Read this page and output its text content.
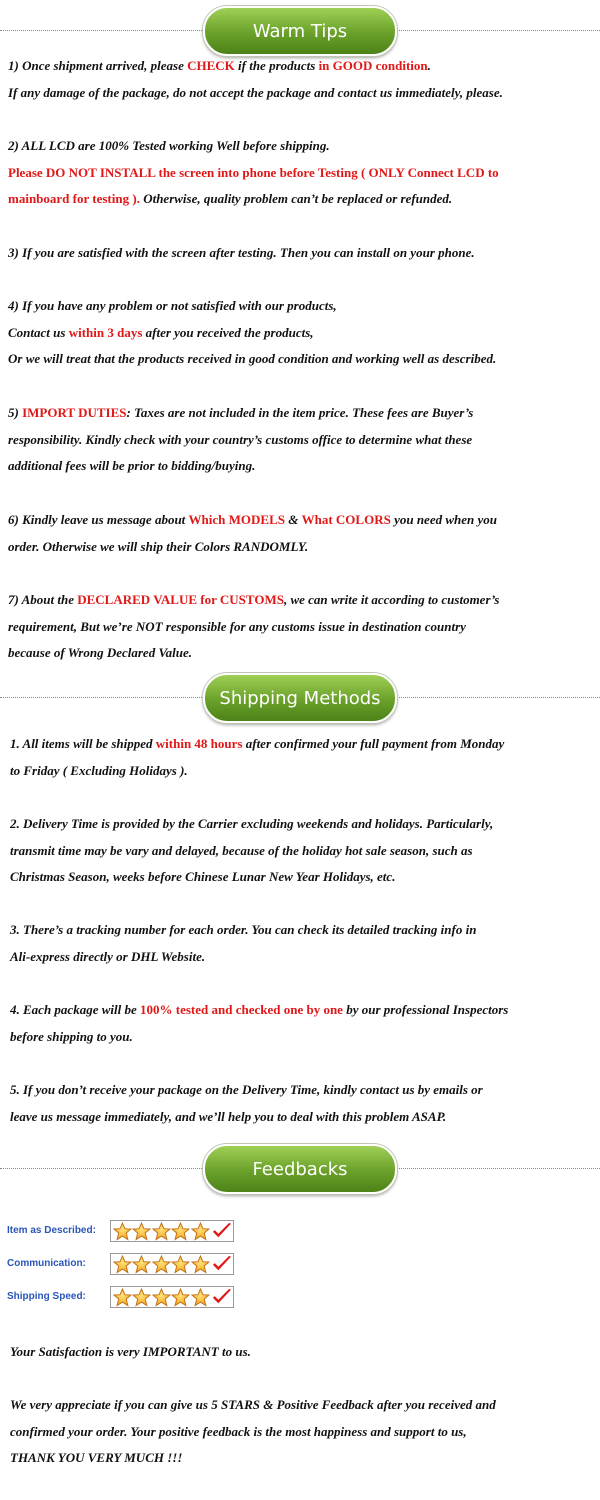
Warm Tips
1) Once shipment arrived, please CHECK if the products in GOOD condition.
If any damage of the package, do not accept the package and contact us immediately, please.
2) ALL LCD are 100% Tested working Well before shipping.
Please DO NOT INSTALL the screen into phone before Testing ( ONLY Connect LCD to
mainboard for testing ). Otherwise, quality problem can’t be replaced or refunded.
3) If you are satisfied with the screen after testing. Then you can install on your phone.
4) If you have any problem or not satisfied with our products,
Contact us within 3 days after you received the products,
Or we will treat that the products received in good condition and working well as described.
5) IMPORT DUTIES: Taxes are not included in the item price. These fees are Buyer’s
responsibility. Kindly check with your country’s customs office to determine what these
additional fees will be prior to bidding/buying.
6) Kindly leave us message about Which MODELS & What COLORS you need when you
order. Otherwise we will ship their Colors RANDOMLY.
7) About the DECLARED VALUE for CUSTOMS, we can write it according to customer’s
requirement, But we’re NOT responsible for any customs issue in destination country
because of Wrong Declared Value.
Shipping Methods
1. All items will be shipped within 48 hours after confirmed your full payment from Monday
to Friday ( Excluding Holidays ).
2. Delivery Time is provided by the Carrier excluding weekends and holidays. Particularly,
transmit time may be vary and delayed, because of the holiday hot sale season, such as
Christmas Season, weeks before Chinese Lunar New Year Holidays, etc.
3. There’s a tracking number for each order. You can check its detailed tracking info in
Ali-express directly or DHL Website.
4. Each package will be 100% tested and checked one by one by our professional Inspectors
before shipping to you.
5. If you don’t receive your package on the Delivery Time, kindly contact us by emails or
leave us message immediately, and we’ll help you to deal with this problem ASAP.
Feedbacks
Item as Described:
Communication:
Shipping Speed:
Your Satisfaction is very IMPORTANT to us.
We very appreciate if you can give us 5 STARS & Positive Feedback after you received and
confirmed your order. Your positive feedback is the most happiness and support to us,
THANK YOU VERY MUCH !!!
